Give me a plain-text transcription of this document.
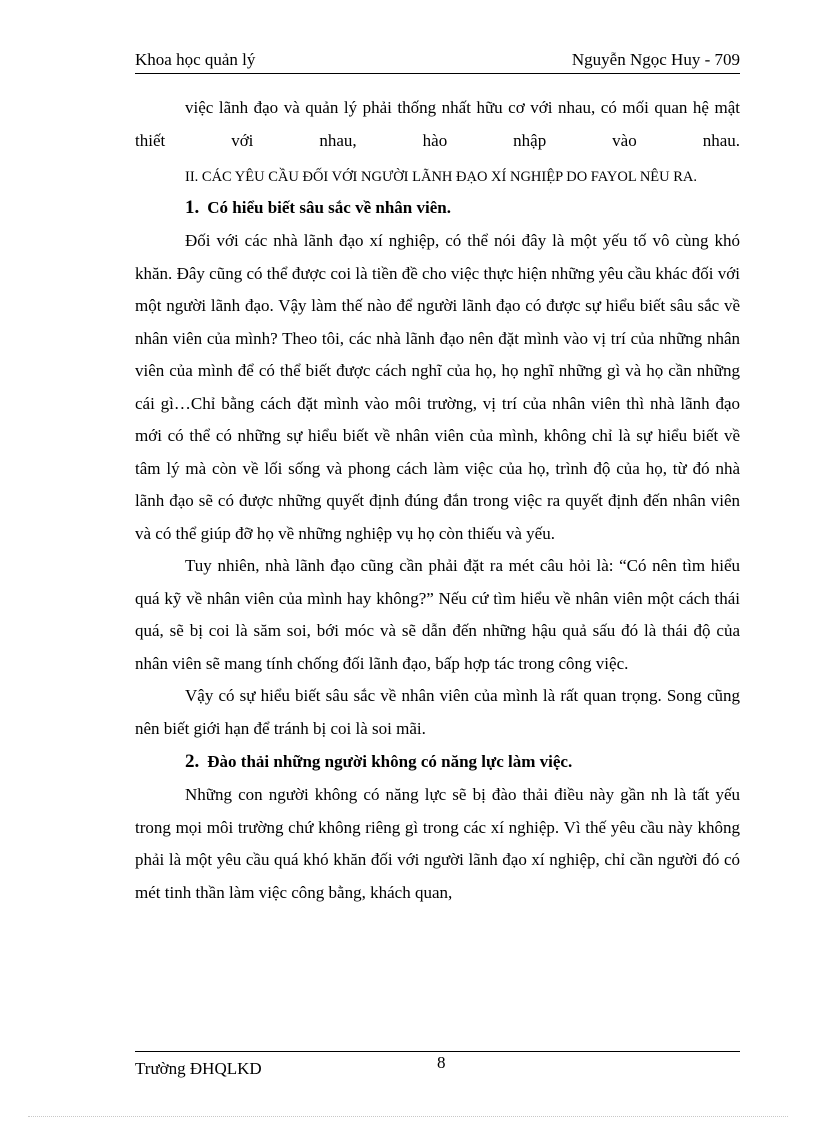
Khoa học quản lý	Nguyễn Ngọc Huy - 709

việc lãnh đạo và quản lý phải thống nhất hữu cơ với nhau, có mối quan hệ mật thiết với nhau, hào nhập vào nhau.

II. CÁC YÊU CẦU ĐỐI VỚI NGƯỜI LÃNH ĐẠO XÍ NGHIỆP DO FAYOL NÊU RA.

1. Có hiểu biết sâu sắc về nhân viên.

Đối với các nhà lãnh đạo xí nghiệp, có thể nói đây là một yếu tố vô cùng khó khăn. Đây cũng có thể được coi là tiền đề cho việc thực hiện những yêu cầu khác đối với một người lãnh đạo. Vậy làm thế nào để người lãnh đạo có được sự hiểu biết sâu sắc về nhân viên của mình? Theo tôi, các nhà lãnh đạo nên đặt mình vào vị trí của những nhân viên của mình để có thể biết được cách nghĩ của họ, họ nghĩ những gì và họ cần những cái gì…Chỉ bằng cách đặt mình vào môi trường, vị trí của nhân viên thì nhà lãnh đạo mới có thể có những sự hiểu biết về nhân viên của mình, không chỉ là sự hiểu biết về tâm lý mà còn về lối sống và phong cách làm việc của họ, trình độ của họ, từ đó nhà lãnh đạo sẽ có được những quyết định đúng đắn trong việc ra quyết định đến nhân viên và có thể giúp đỡ họ về những nghiệp vụ họ còn thiếu và yếu.

Tuy nhiên, nhà lãnh đạo cũng cần phải đặt ra mét câu hỏi là: “Có nên tìm hiểu quá kỹ về nhân viên của mình hay không?” Nếu cứ tìm hiểu về nhân viên một cách thái quá, sẽ bị coi là săm soi, bới móc và sẽ dẫn đến những hậu quả sấu đó là thái độ của nhân viên sẽ mang tính chống đối lãnh đạo, bấp hợp tác trong công việc.

Vậy có sự hiểu biết sâu sắc về nhân viên của mình là rất quan trọng. Song cũng nên biết giới hạn để tránh bị coi là soi mãi.

2. Đào thải những người không có năng lực làm việc.

Những con người không có năng lực sẽ bị đào thải điều này gần nh là tất yếu trong mọi môi trường chứ không riêng gì trong các xí nghiệp. Vì thế yêu cầu này không phải là một yêu cầu quá khó khăn đối với người lãnh đạo xí nghiệp, chỉ cần người đó có mét tinh thần làm việc công bằng, khách quan,

Trường ĐHQLKD	8
